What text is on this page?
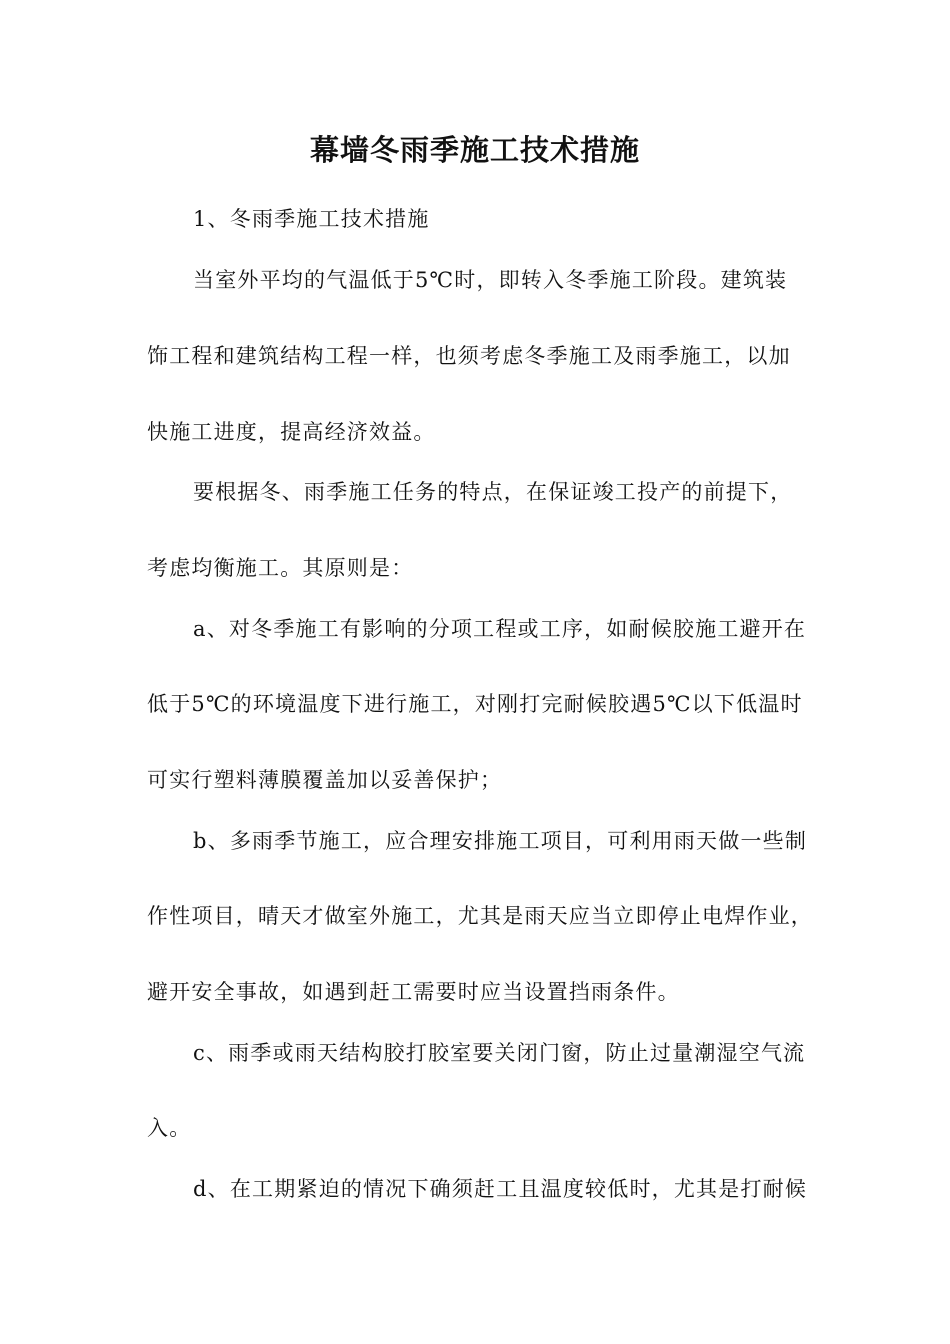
幕墙冬雨季施工技术措施
1、冬雨季施工技术措施
当室外平均的气温低于5℃时，即转入冬季施工阶段。建筑装
饰工程和建筑结构工程一样，也须考虑冬季施工及雨季施工，以加
快施工进度，提高经济效益。
要根据冬、雨季施工任务的特点，在保证竣工投产的前提下，
考虑均衡施工。其原则是：
a、对冬季施工有影响的分项工程或工序，如耐候胶施工避开在
低于5℃的环境温度下进行施工，对刚打完耐候胶遇5℃以下低温时
可实行塑料薄膜覆盖加以妥善保护；
b、多雨季节施工，应合理安排施工项目，可利用雨天做一些制
作性项目，晴天才做室外施工，尤其是雨天应当立即停止电焊作业，
避开安全事故，如遇到赶工需要时应当设置挡雨条件。
c、雨季或雨天结构胶打胶室要关闭门窗，防止过量潮湿空气流
入。
d、在工期紧迫的情况下确须赶工且温度较低时，尤其是打耐候
